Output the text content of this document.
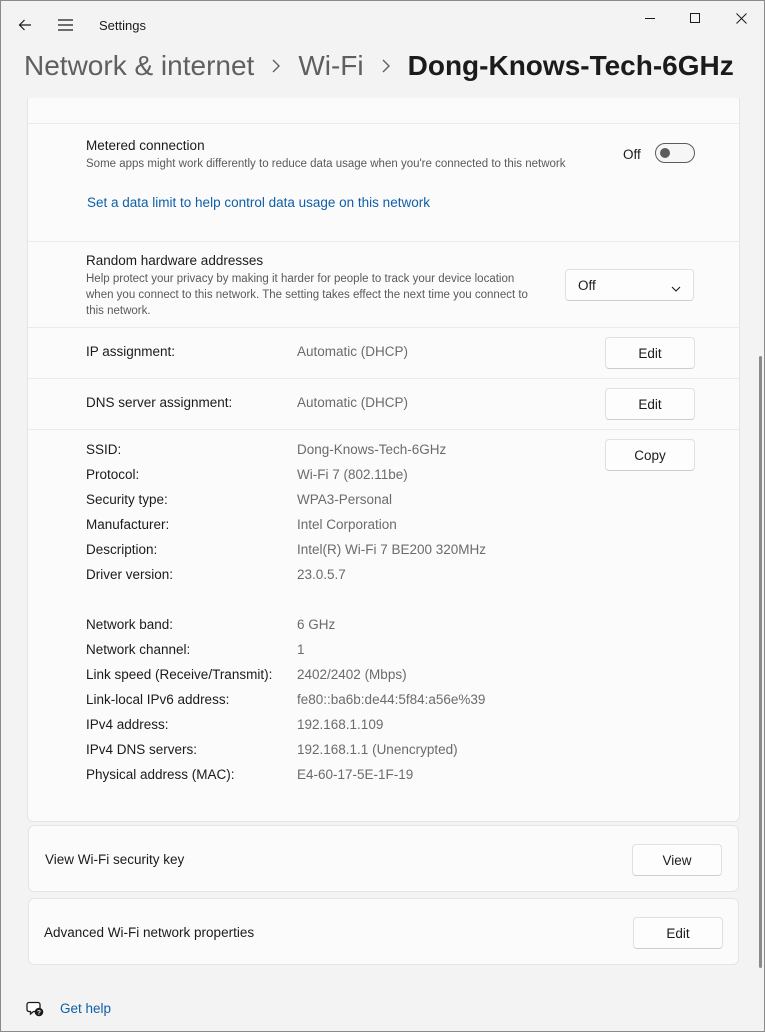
Settings
Network & internet Wi-Fi Dong-Knows-Tech-6GHz
Metered connection
Some apps might work differently to reduce data usage when you're connected to this network
Off
Set a data limit to help control data usage on this network
Random hardware addresses
Help protect your privacy by making it harder for people to track your device location when you connect to this network. The setting takes effect the next time you connect to this network.
Off
IP assignment:	Automatic (DHCP)	Edit
DNS server assignment:	Automatic (DHCP)	Edit
Copy
SSID:	Dong-Knows-Tech-6GHz
Protocol:	Wi-Fi 7 (802.11be)
Security type:	WPA3-Personal
Manufacturer:	Intel Corporation
Description:	Intel(R) Wi-Fi 7 BE200 320MHz
Driver version:	23.0.5.7
Network band:	6 GHz
Network channel:	1
Link speed (Receive/Transmit): 2402/2402 (Mbps)
Link-local IPv6 address:	fe80::ba6b:de44:5f84:a56e%39
IPv4 address:	192.168.1.109
IPv4 DNS servers:	192.168.1.1 (Unencrypted)
Physical address (MAC):	E4-60-17-5E-1F-19
View Wi-Fi security key	View
Advanced Wi-Fi network properties	Edit
? Get help
